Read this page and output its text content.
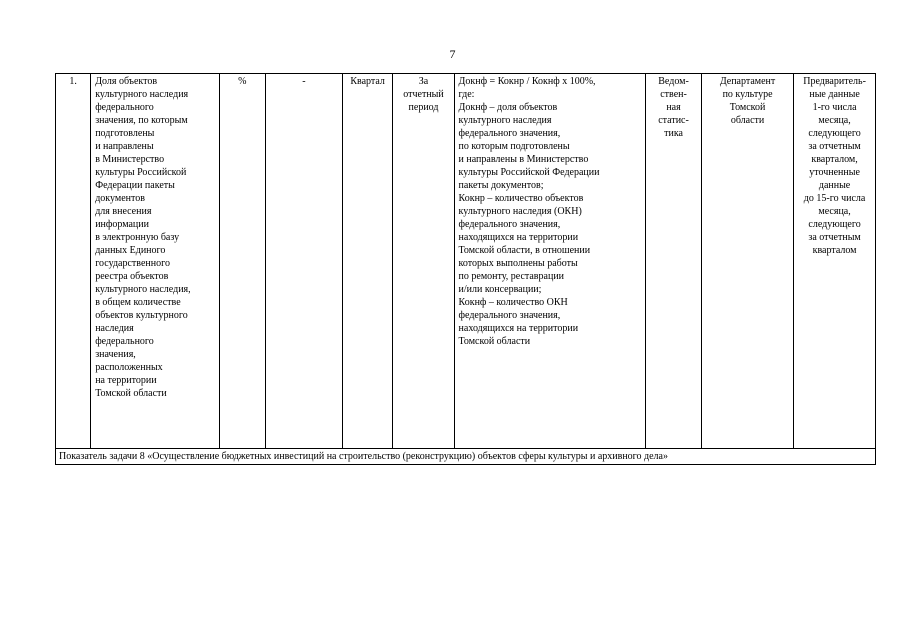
7
1.	Доля объектов
культурного наследия
федерального
значения, по которым
подготовлены
и направлены
в Министерство
культуры Российской
Федерации пакеты
документов
для внесения
информации
в электронную базу
данных Единого
государственного
реестра объектов
культурного наследия,
в общем количестве
объектов культурного
наследия
федерального
значения,
расположенных
на территории
Томской области	%	-	Квартал	За
отчетный
период	Докнф = Кокнр / Кокнф x 100%,
где:
Докнф – доля объектов
культурного наследия
федерального значения,
по которым подготовлены
и направлены в Министерство
культуры Российской Федерации
пакеты документов;
Кокнр – количество объектов
культурного наследия (ОКН)
федерального значения,
находящихся на территории
Томской области, в отношении
которых выполнены работы
по ремонту, реставрации
и/или консервации;
Кокнф – количество ОКН
федерального значения,
находящихся на территории
Томской области	Ведом-
ствен-
ная
статис-
тика	Департамент
по культуре
Томской
области	Предваритель-
ные данные
1-го числа
месяца,
следующего
за отчетным
кварталом,
уточненные
данные
до 15-го числа
месяца,
следующего
за отчетным
кварталом
Показатель задачи 8 «Осуществление бюджетных инвестиций на строительство (реконструкцию) объектов сферы культуры и архивного дела»
